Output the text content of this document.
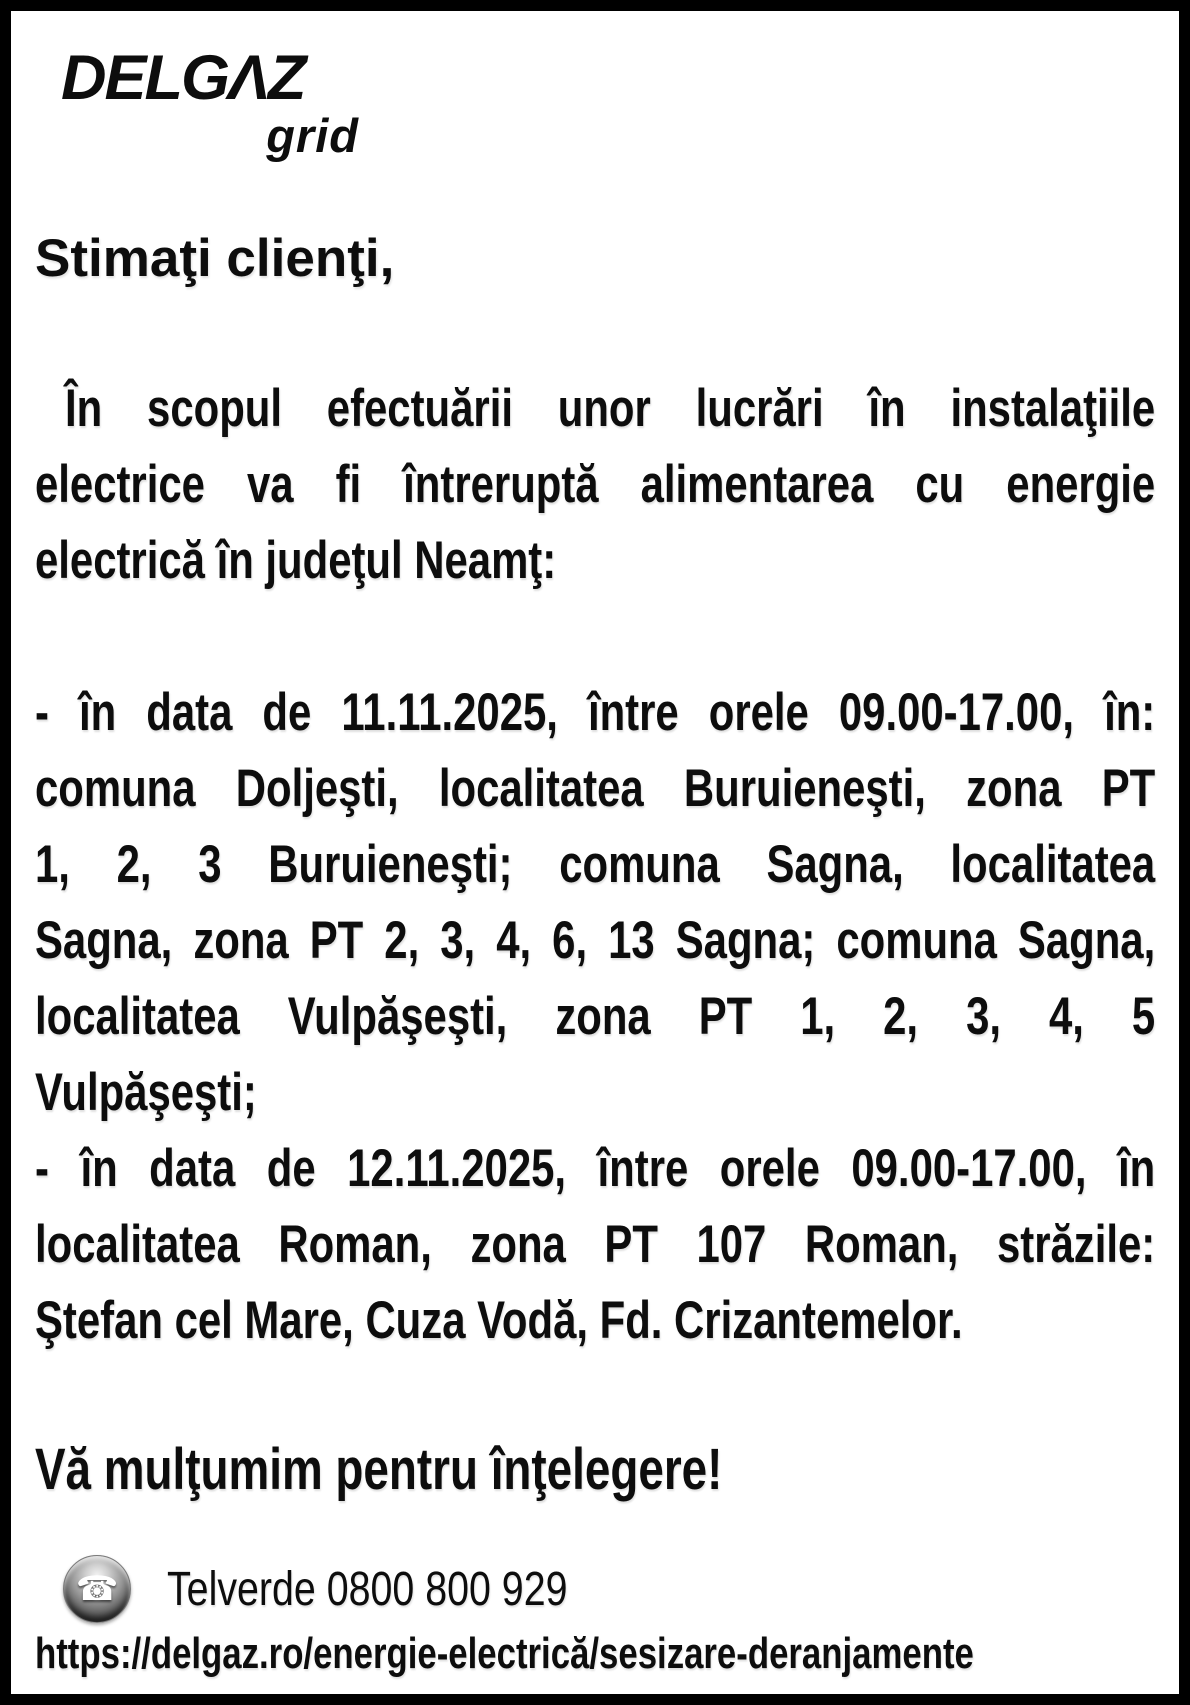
DELGΛZ
grid
Stimaţi clienţi,
În scopul efectuării unor lucrări în instalaţiile
electrice va fi întreruptă alimentarea cu energie
electrică în judeţul Neamţ:
- în data de 11.11.2025, între orele 09.00-17.00, în:
comuna Doljeşti, localitatea Buruieneşti, zona PT
1, 2, 3 Buruieneşti; comuna Sagna, localitatea
Sagna, zona PT 2, 3, 4, 6, 13 Sagna; comuna Sagna,
localitatea Vulpăşeşti, zona PT 1, 2, 3, 4, 5
Vulpăşeşti;
- în data de 12.11.2025, între orele 09.00-17.00, în
localitatea Roman, zona PT 107 Roman, străzile:
Ştefan cel Mare, Cuza Vodă, Fd. Crizantemelor.
Vă mulţumim pentru înţelegere!
☎ Telverde 0800 800 929
https://delgaz.ro/energie-electrică/sesizare-deranjamente
